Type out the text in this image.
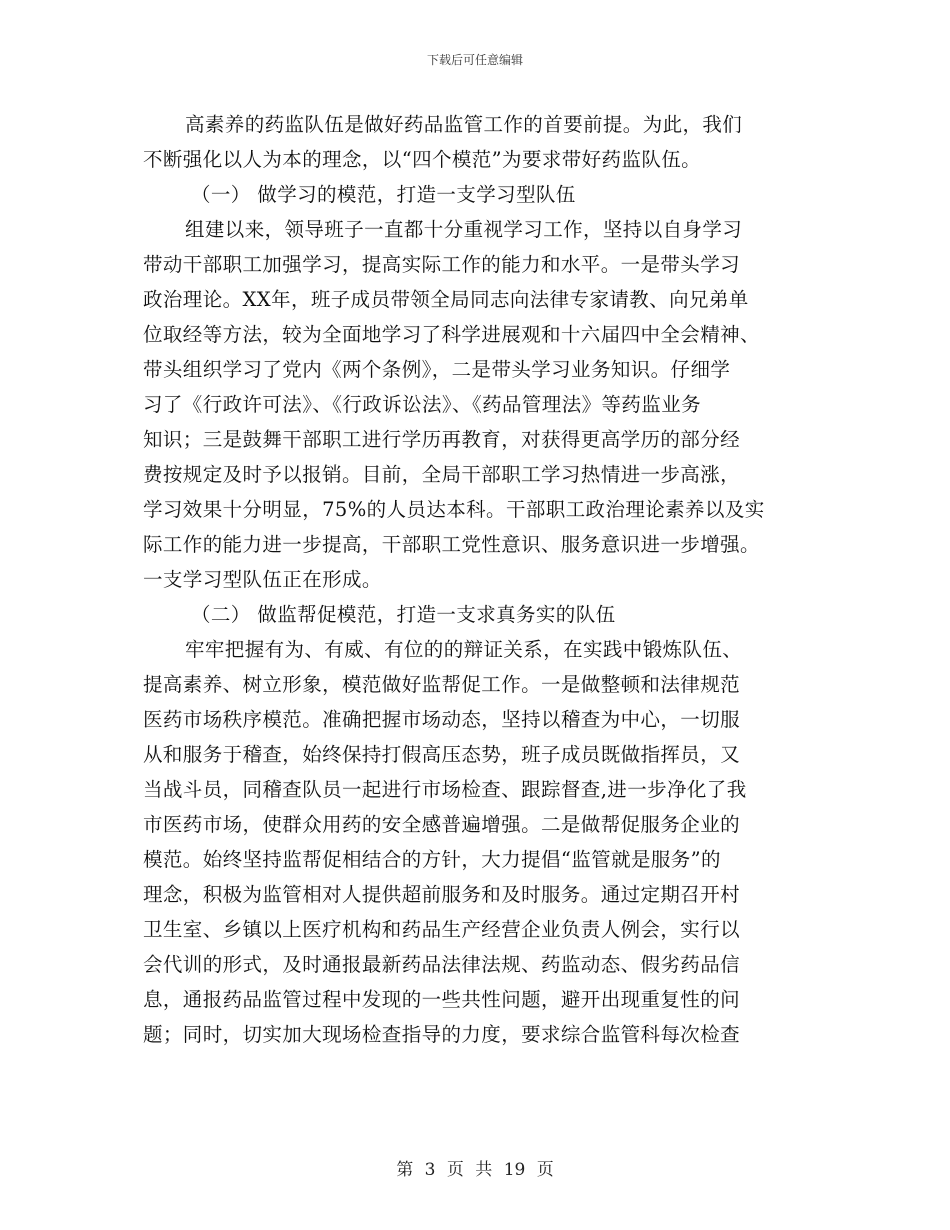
下载后可任意编辑
高素养的药监队伍是做好药品监管工作的首要前提。为此，我们
不断强化以人为本的理念，以“四个模范”为要求带好药监队伍。
（一） 做学习的模范，打造一支学习型队伍
组建以来，领导班子一直都十分重视学习工作，坚持以自身学习
带动干部职工加强学习，提高实际工作的能力和水平。一是带头学习
政治理论。XX年，班子成员带领全局同志向法律专家请教、向兄弟单
位取经等方法，较为全面地学习了科学进展观和十六届四中全会精神、
带头组织学习了党内《两个条例》，二是带头学习业务知识。仔细学
习了《行政许可法》、《行政诉讼法》、《药品管理法》等药监业务
知识；三是鼓舞干部职工进行学历再教育，对获得更高学历的部分经
费按规定及时予以报销。目前，全局干部职工学习热情进一步高涨，
学习效果十分明显，75%的人员达本科。干部职工政治理论素养以及实
际工作的能力进一步提高，干部职工党性意识、服务意识进一步增强。
一支学习型队伍正在形成。
（二） 做监帮促模范，打造一支求真务实的队伍
牢牢把握有为、有威、有位的的辩证关系，在实践中锻炼队伍、
提高素养、树立形象，模范做好监帮促工作。一是做整顿和法律规范
医药市场秩序模范。准确把握市场动态，坚持以稽查为中心，一切服
从和服务于稽查，始终保持打假高压态势，班子成员既做指挥员，又
当战斗员，同稽查队员一起进行市场检查、跟踪督查,进一步净化了我
市医药市场，使群众用药的安全感普遍增强。二是做帮促服务企业的
模范。始终坚持监帮促相结合的方针，大力提倡“监管就是服务”的
理念，积极为监管相对人提供超前服务和及时服务。通过定期召开村
卫生室、乡镇以上医疗机构和药品生产经营企业负责人例会，实行以
会代训的形式，及时通报最新药品法律法规、药监动态、假劣药品信
息，通报药品监管过程中发现的一些共性问题，避开出现重复性的问
题；同时，切实加大现场检查指导的力度，要求综合监管科每次检查
第 3 页 共 19 页
